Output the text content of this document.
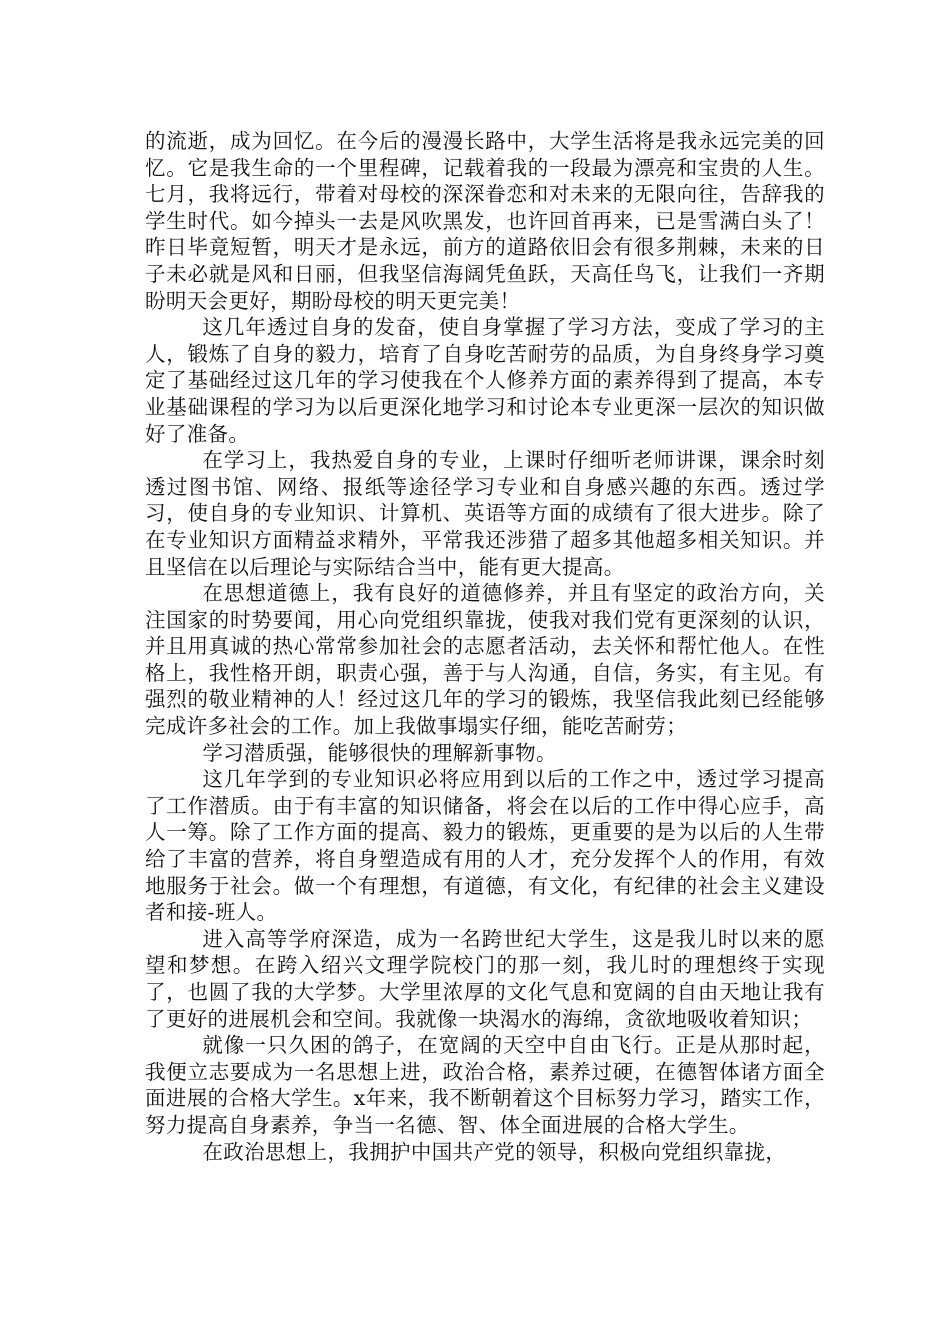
的流逝，成为回忆。在今后的漫漫长路中，大学生活将是我永远完美的回忆。它是我生命的一个里程碑，记载着我的一段最为漂亮和宝贵的人生。七月，我将远行，带着对母校的深深眷恋和对未来的无限向往，告辞我的学生时代。如今掉头一去是风吹黑发，也许回首再来，已是雪满白头了！昨日毕竟短暂，明天才是永远，前方的道路依旧会有很多荆棘，未来的日子未必就是风和日丽，但我坚信海阔凭鱼跃，天高任鸟飞，让我们一齐期盼明天会更好，期盼母校的明天更完美！

这几年透过自身的发奋，使自身掌握了学习方法，变成了学习的主人，锻炼了自身的毅力，培育了自身吃苦耐劳的品质，为自身终身学习奠定了基础经过这几年的学习使我在个人修养方面的素养得到了提高，本专业基础课程的学习为以后更深化地学习和讨论本专业更深一层次的知识做好了准备。

在学习上，我热爱自身的专业，上课时仔细听老师讲课，课余时刻透过图书馆、网络、报纸等途径学习专业和自身感兴趣的东西。透过学习，使自身的专业知识、计算机、英语等方面的成绩有了很大进步。除了在专业知识方面精益求精外，平常我还涉猎了超多其他超多相关知识。并且坚信在以后理论与实际结合当中，能有更大提高。

在思想道德上，我有良好的道德修养，并且有坚定的政治方向，关注国家的时势要闻，用心向党组织靠拢，使我对我们党有更深刻的认识，并且用真诚的热心常常参加社会的志愿者活动，去关怀和帮忙他人。在性格上，我性格开朗，职责心强，善于与人沟通，自信，务实，有主见。有强烈的敬业精神的人！经过这几年的学习的锻炼，我坚信我此刻已经能够完成许多社会的工作。加上我做事塌实仔细，能吃苦耐劳；

学习潜质强，能够很快的理解新事物。

这几年学到的专业知识必将应用到以后的工作之中，透过学习提高了工作潜质。由于有丰富的知识储备，将会在以后的工作中得心应手，高人一筹。除了工作方面的提高、毅力的锻炼，更重要的是为以后的人生带给了丰富的营养，将自身塑造成有用的人才，充分发挥个人的作用，有效地服务于社会。做一个有理想，有道德，有文化，有纪律的社会主义建设者和接-班人。

进入高等学府深造，成为一名跨世纪大学生，这是我儿时以来的愿望和梦想。在跨入绍兴文理学院校门的那一刻，我儿时的理想终于实现了，也圆了我的大学梦。大学里浓厚的文化气息和宽阔的自由天地让我有了更好的进展机会和空间。我就像一块渴水的海绵，贪欲地吸收着知识；

就像一只久困的鸽子，在宽阔的天空中自由飞行。正是从那时起，我便立志要成为一名思想上进，政治合格，素养过硬，在德智体诸方面全面进展的合格大学生。x年来，我不断朝着这个目标努力学习，踏实工作，努力提高自身素养，争当一名德、智、体全面进展的合格大学生。

在政治思想上，我拥护中国共产党的领导，积极向党组织靠拢，
